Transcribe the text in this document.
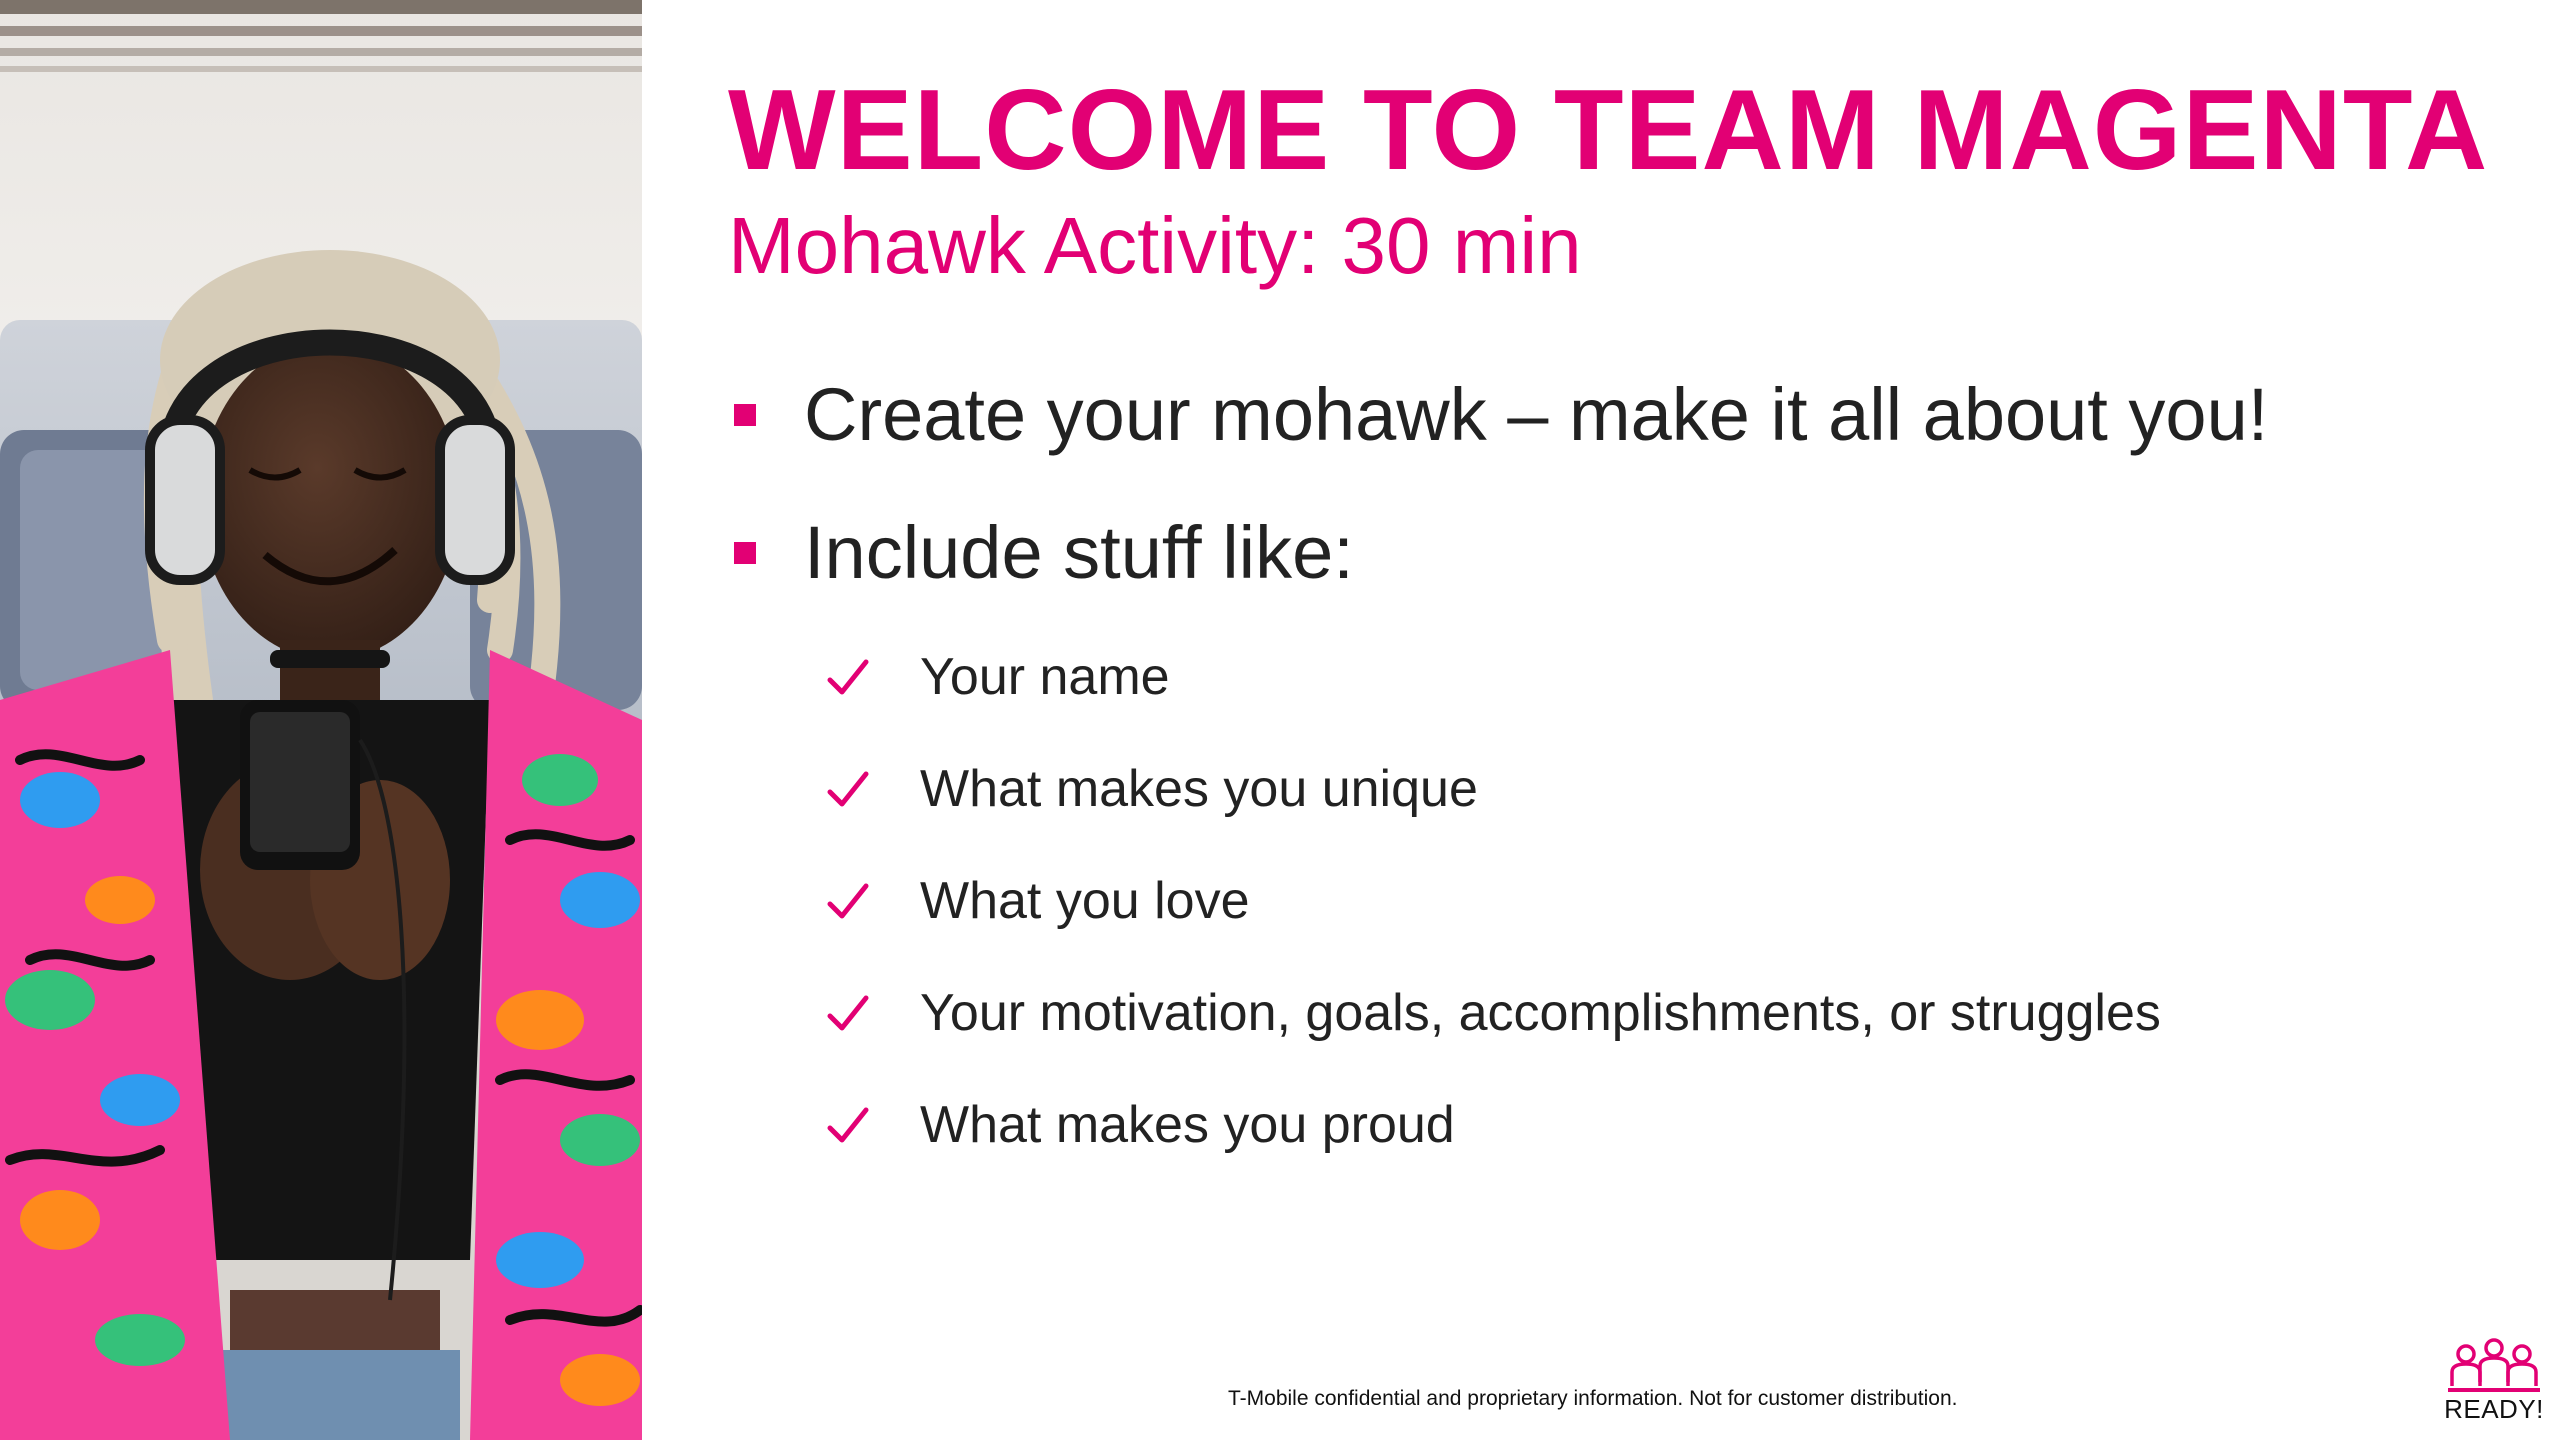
WELCOME TO TEAM MAGENTA
Mohawk Activity: 30 min
Create your mohawk – make it all about you!
Include stuff like:
Your name
What makes you unique
What you love
Your motivation, goals, accomplishments, or struggles
What makes you proud
T-Mobile confidential and proprietary information. Not for customer distribution.	READY!
